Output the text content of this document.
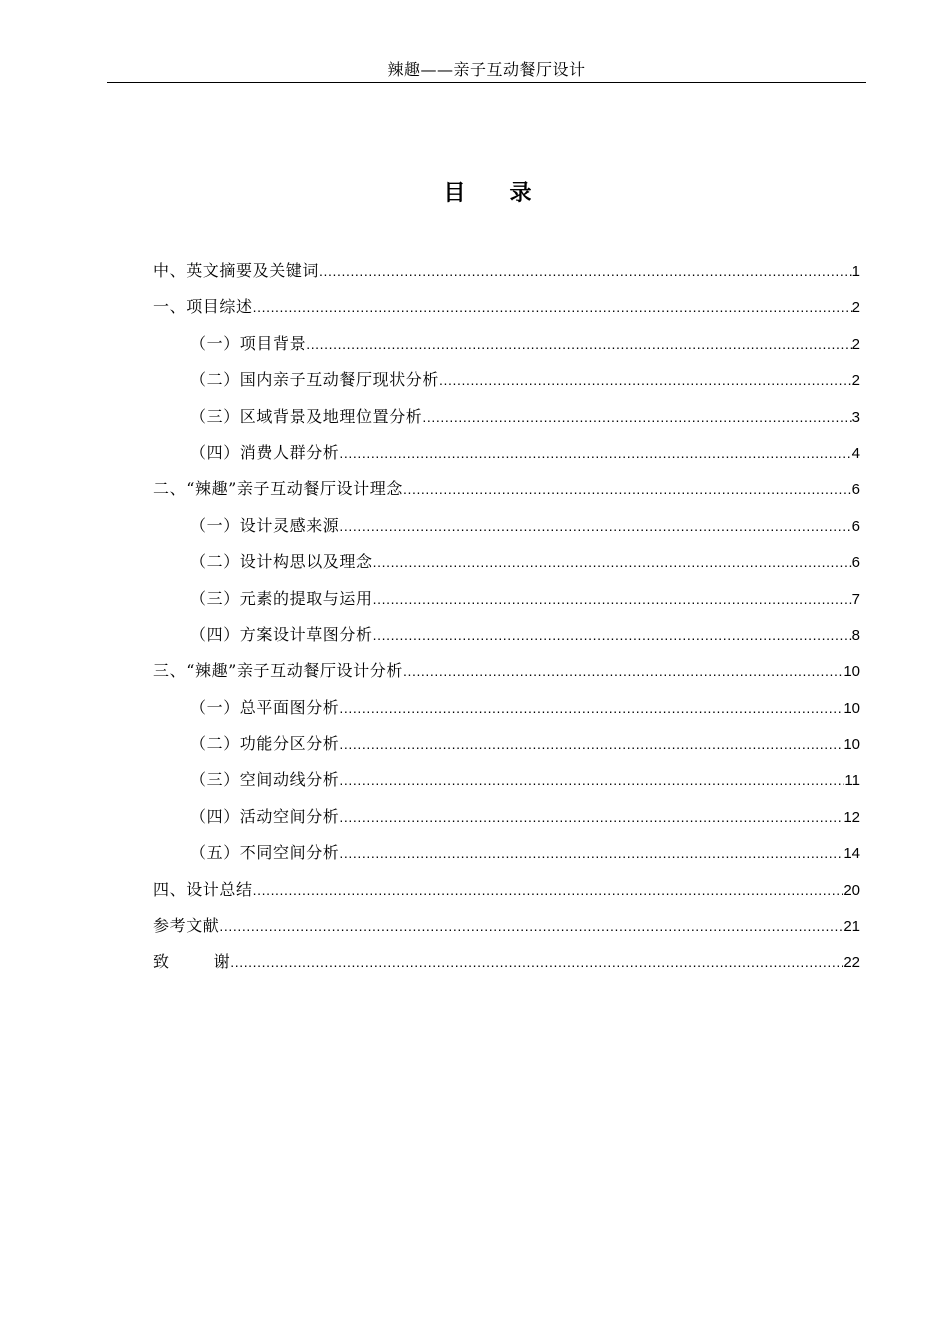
辣趣——亲子互动餐厅设计
目 录
中、英文摘要及关键词 .....	1
一、项目综述 .....	2
（一）项目背景 .....	2
（二）国内亲子互动餐厅现状分析 .....	2
（三）区域背景及地理位置分析 .....	3
（四）消费人群分析 .....	4
二、“辣趣”亲子互动餐厅设计理念 .....	6
（一）设计灵感来源 .....	6
（二）设计构思以及理念 .....	6
（三）元素的提取与运用 .....	7
（四）方案设计草图分析 .....	8
三、“辣趣”亲子互动餐厅设计分析 .....	10
（一）总平面图分析 .....	10
（二）功能分区分析 .....	10
（三）空间动线分析 .....	11
（四）活动空间分析 .....	12
（五）不同空间分析 .....	14
四、设计总结 .....	20
参考文献 .....	21
致	谢 .....	22
